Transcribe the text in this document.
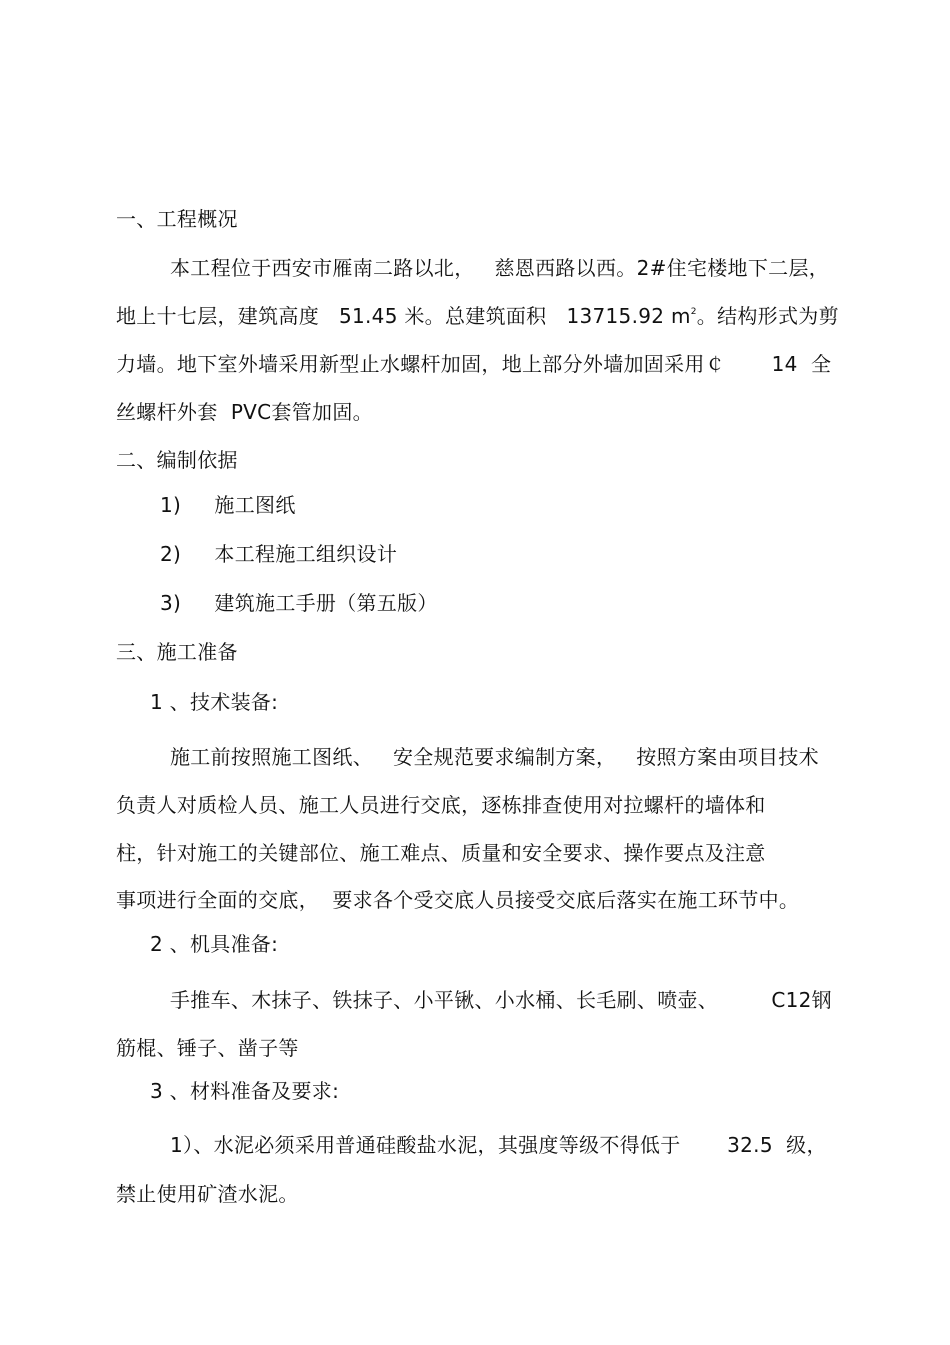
一、工程概况
本工程位于西安市雁南二路以北，   慈恩西路以西。2#住宅楼地下二层，
地上十七层，建筑高度   51.45 米。总建筑面积   13715.92 $m^2$。结构形式为剪
力墙。地下室外墙采用新型止水螺杆加固，地上部分外墙加固采用￠       14  全
丝螺杆外套  PVC套管加固。
二、编制依据
1)     施工图纸
2)     本工程施工组织设计
3)     建筑施工手册（第五版）
三、施工准备
1 、技术装备:
施工前按照施工图纸、   安全规范要求编制方案，   按照方案由项目技术
负责人对质检人员、施工人员进行交底，逐栋排查使用对拉螺杆的墙体和
柱，针对施工的关键部位、施工难点、质量和安全要求、操作要点及注意
事项进行全面的交底，  要求各个受交底人员接受交底后落实在施工环节中。
2 、机具准备:
手推车、木抹子、铁抹子、小平锹、小水桶、长毛刷、喷壶、        C12钢
筋棍、锤子、凿子等
3 、材料准备及要求:
1）、水泥必须采用普通硅酸盐水泥，其强度等级不得低于       32.5  级，
禁止使用矿渣水泥。
